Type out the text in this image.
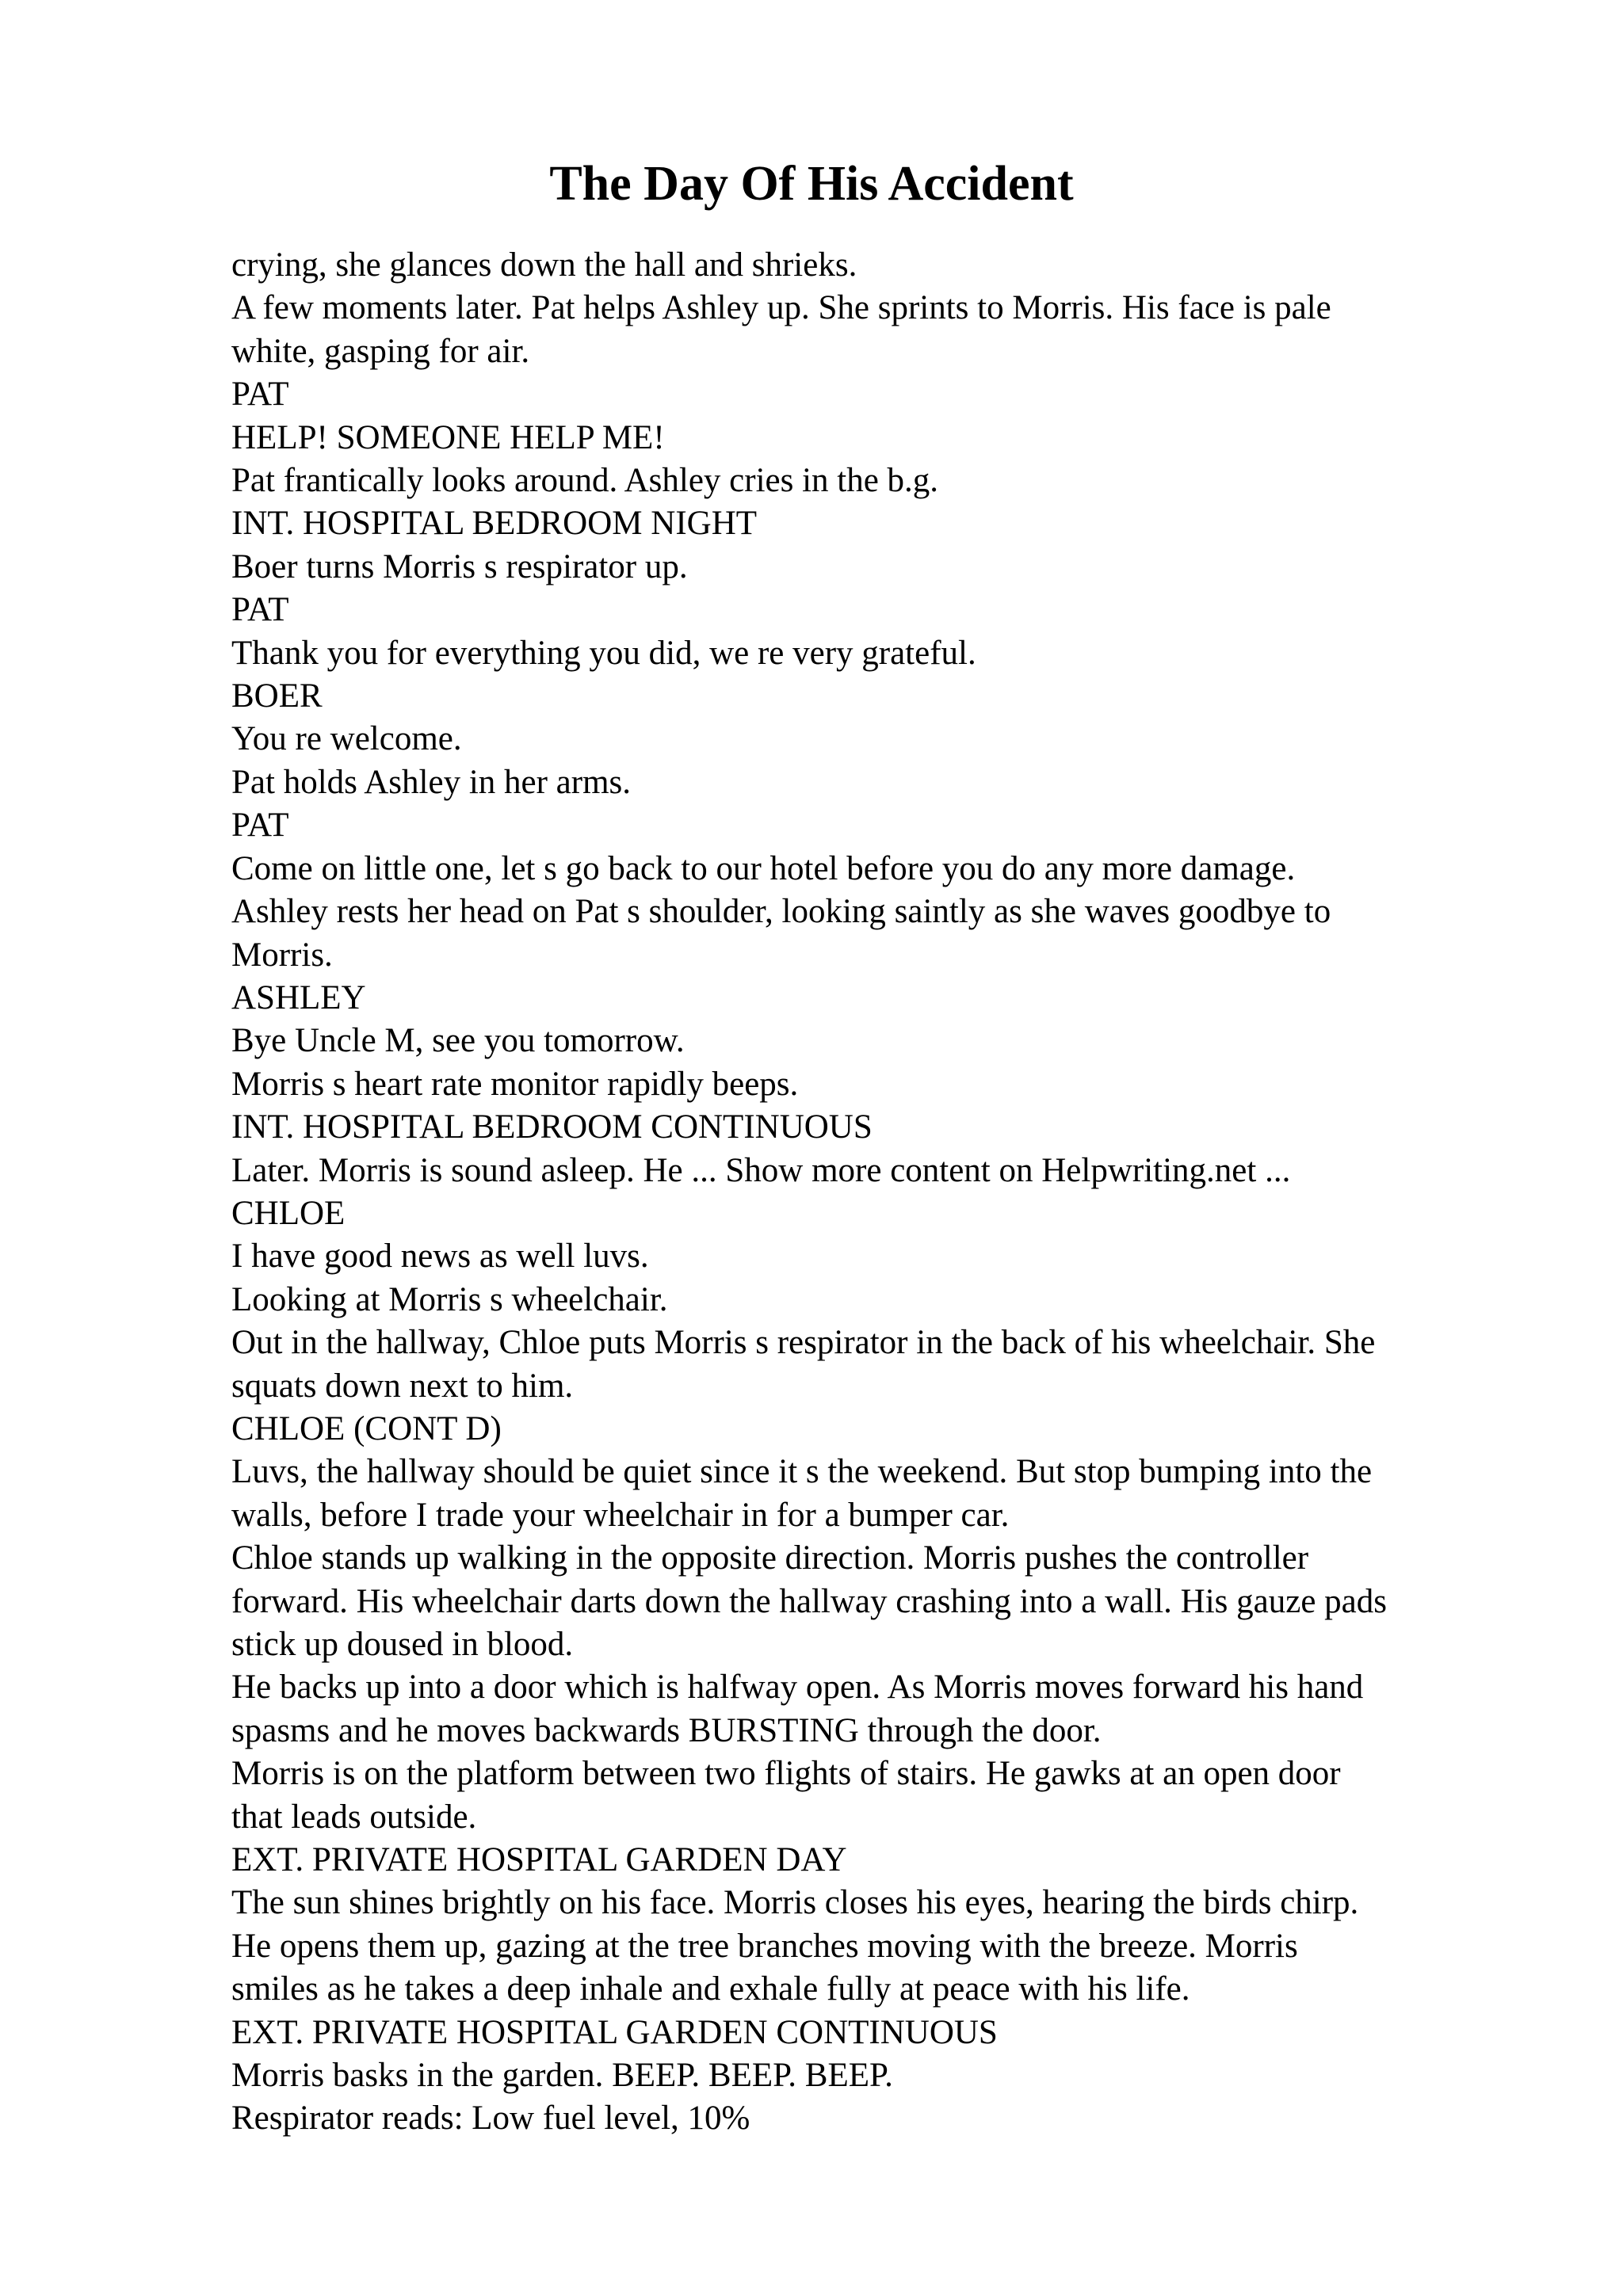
The Day Of His Accident
crying, she glances down the hall and shrieks.
A few moments later. Pat helps Ashley up. She sprints to Morris. His face is pale
white, gasping for air.
PAT
HELP! SOMEONE HELP ME!
Pat frantically looks around. Ashley cries in the b.g.
INT. HOSPITAL BEDROOM NIGHT
Boer turns Morris s respirator up.
PAT
Thank you for everything you did, we re very grateful.
BOER
You re welcome.
Pat holds Ashley in her arms.
PAT
Come on little one, let s go back to our hotel before you do any more damage.
Ashley rests her head on Pat s shoulder, looking saintly as she waves goodbye to
Morris.
ASHLEY
Bye Uncle M, see you tomorrow.
Morris s heart rate monitor rapidly beeps.
INT. HOSPITAL BEDROOM CONTINUOUS
Later. Morris is sound asleep. He ... Show more content on Helpwriting.net ...
CHLOE
I have good news as well luvs.
Looking at Morris s wheelchair.
Out in the hallway, Chloe puts Morris s respirator in the back of his wheelchair. She
squats down next to him.
CHLOE (CONT D)
Luvs, the hallway should be quiet since it s the weekend. But stop bumping into the
walls, before I trade your wheelchair in for a bumper car.
Chloe stands up walking in the opposite direction. Morris pushes the controller
forward. His wheelchair darts down the hallway crashing into a wall. His gauze pads
stick up doused in blood.
He backs up into a door which is halfway open. As Morris moves forward his hand
spasms and he moves backwards BURSTING through the door.
Morris is on the platform between two flights of stairs. He gawks at an open door
that leads outside.
EXT. PRIVATE HOSPITAL GARDEN DAY
The sun shines brightly on his face. Morris closes his eyes, hearing the birds chirp.
He opens them up, gazing at the tree branches moving with the breeze. Morris
smiles as he takes a deep inhale and exhale fully at peace with his life.
EXT. PRIVATE HOSPITAL GARDEN CONTINUOUS
Morris basks in the garden. BEEP. BEEP. BEEP.
Respirator reads: Low fuel level, 10%
